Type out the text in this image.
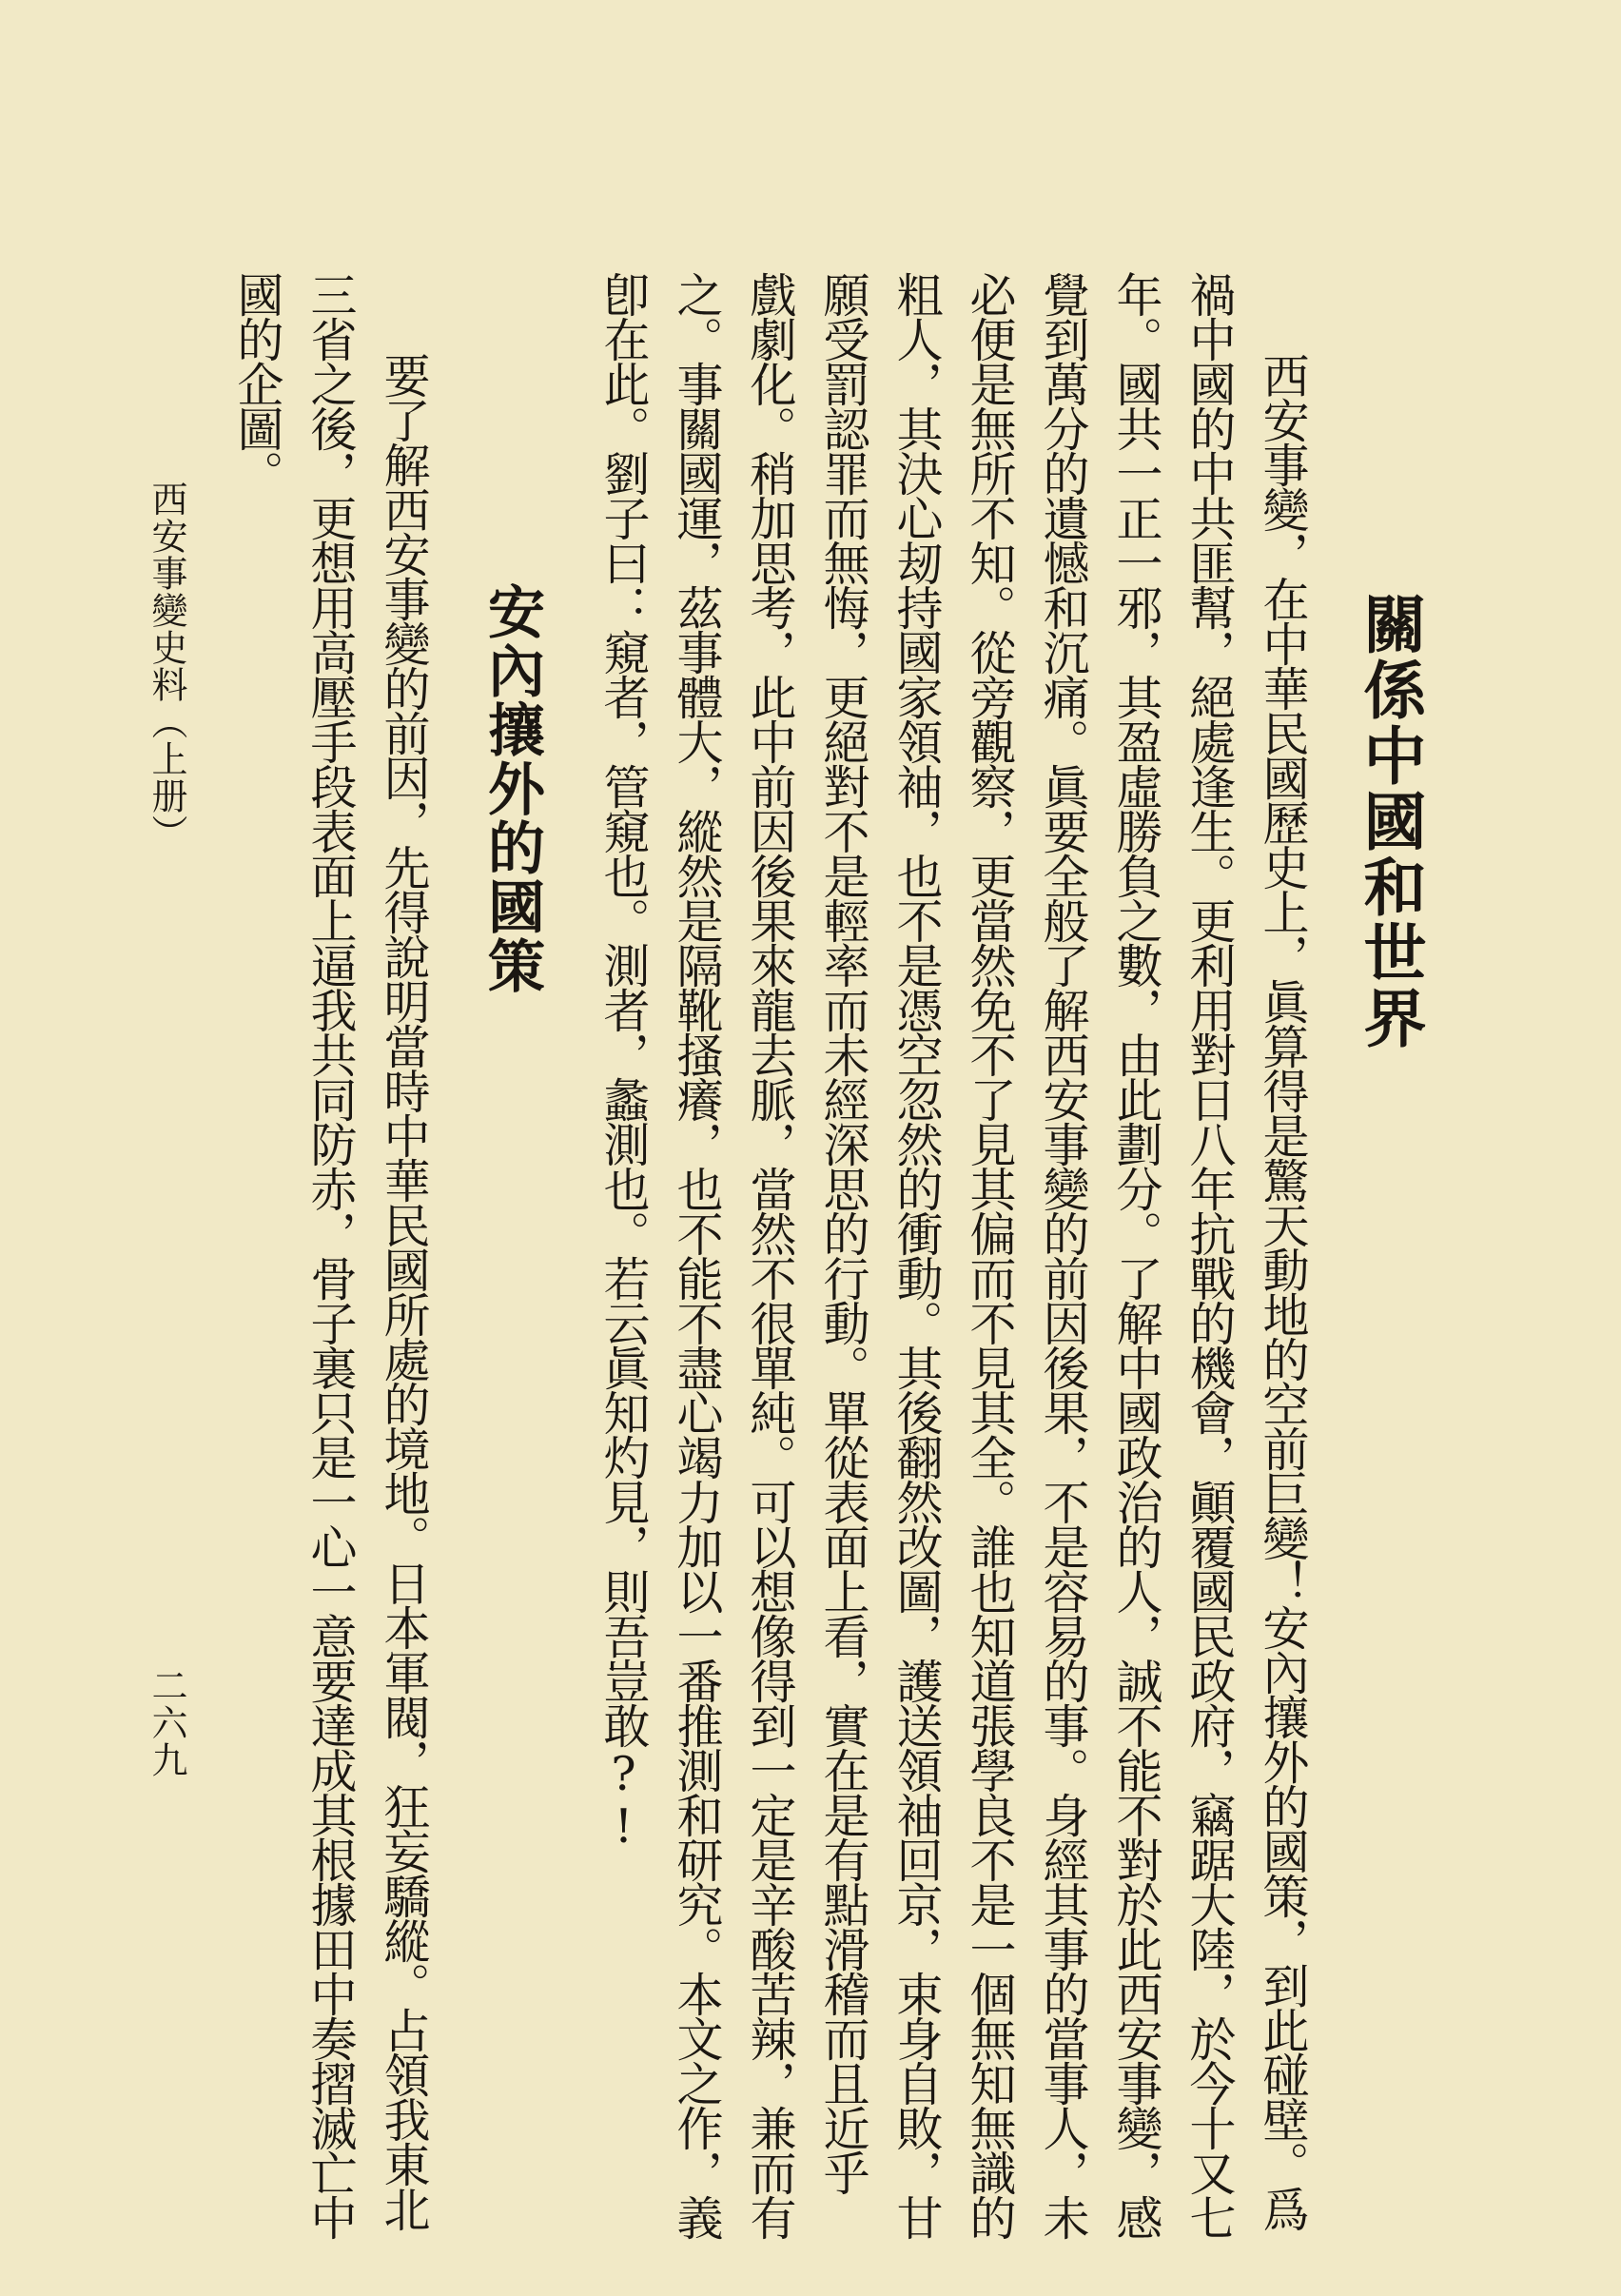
關係中國和世界
西安事變，在中華民國歷史上，眞算得是驚天動地的空前巨變！安內攘外的國策，到此碰壁。爲
禍中國的中共匪幫，絕處逢生。更利用對日八年抗戰的機會，顚覆國民政府，竊踞大陸，於今十又七
年。國共一正一邪，其盈虛勝負之數，由此劃分。了解中國政治的人，誠不能不對於此西安事變，感
覺到萬分的遺憾和沉痛。眞要全般了解西安事變的前因後果，不是容易的事。身經其事的當事人，未
必便是無所不知。從旁觀察，更當然免不了見其偏而不見其全。誰也知道張學良不是一個無知無識的
粗人，其決心刼持國家領袖，也不是憑空忽然的衝動。其後翻然改圖，護送領袖回京，束身自敗，甘
願受罰認罪而無悔，更絕對不是輕率而未經深思的行動。單從表面上看，實在是有點滑稽而且近乎
戲劇化。稍加思考，此中前因後果來龍去脈，當然不很單純。可以想像得到一定是辛酸苦辣，兼而有
之。事關國運，茲事體大，縱然是隔靴搔癢，也不能不盡心竭力加以一番推測和研究。本文之作，義
卽在此。劉子曰：窺者，管窺也。測者，蠡測也。若云眞知灼見，則吾豈敢?!
安內攘外的國策
要了解西安事變的前因，先得說明當時中華民國所處的境地。日本軍閥，狂妄驕縱。占領我東北
三省之後，更想用高壓手段表面上逼我共同防赤，骨子裏只是一心一意要達成其根據田中奏摺滅亡中
國的企圖。
西安事變史料（上册）
二六九
